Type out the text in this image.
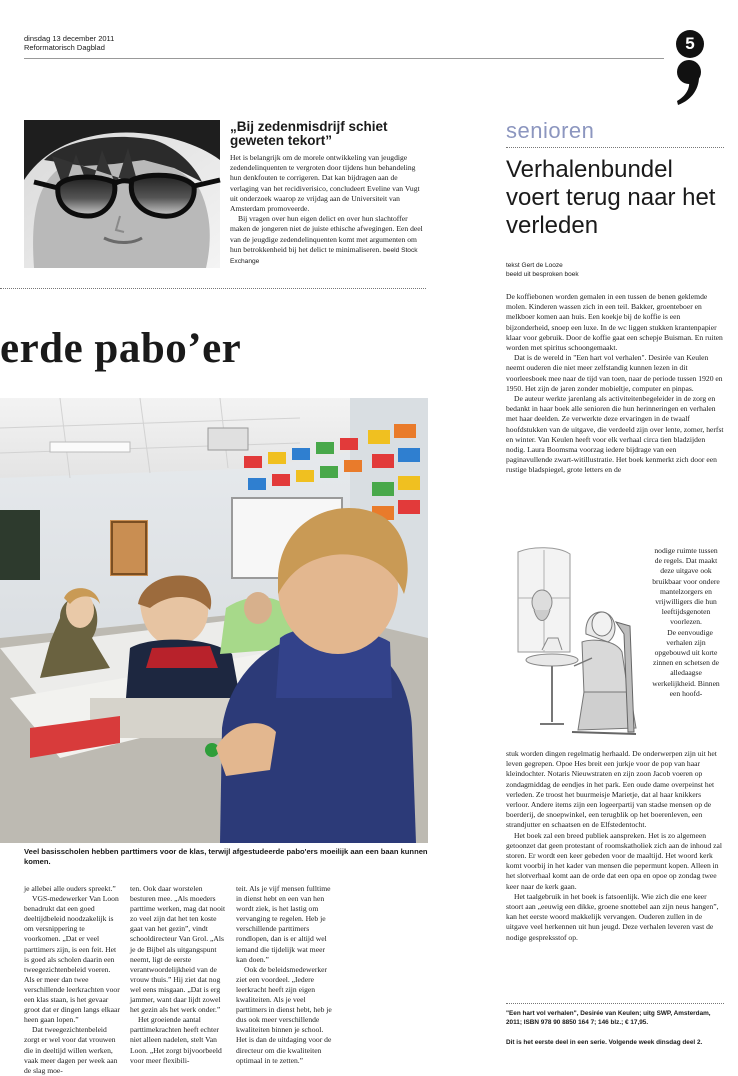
dinsdag 13 december 2011
Reformatorisch Dagblad	5
„Bij zedenmisdrijf schiet geweten tekort”

Het is belangrijk om de morele ontwikkeling van jeugdige zedendelinquenten te vergroten door tijdens hun behandeling hun denkfouten te corrigeren. Dat kan bijdragen aan de verlaging van het recidiverisico, concludeert Eveline van Vugt uit onderzoek waarop ze vrijdag aan de Universiteit van Amsterdam promoveerde.

Bij vragen over hun eigen delict en over hun slachtoffer maken de jongeren niet de juiste ethische afwegingen. Een deel van de jeugdige zedendelinquenten komt met argumenten om hun betrokkenheid bij het delict te minimaliseren. beeld Stock Exchange

erde pabo’er
Veel basisscholen hebben parttimers voor de klas, terwijl afgestudeerde pabo'ers moeilijk aan een baan kunnen komen.

je allebei alle ouders spreekt.”

VGS-medewerker Van Loon benadrukt dat een goed deeltijdbeleid noodzakelijk is om versnippering te voorkomen. „Dat er veel parttimers zijn, is een feit. Het is goed als scholen daarin een tweegezichtenbeleid voeren. Als er meer dan twee verschillende leerkrachten voor een klas staan, is het gevaar groot dat er dingen langs elkaar heen gaan lopen.”

Dat tweegezichtenbeleid zorgt er wel voor dat vrouwen die in deeltijd willen werken, vaak meer dagen per week aan de slag moe-

ten. Ook daar worstelen besturen mee. „Als moeders parttime werken, mag dat nooit zo veel zijn dat het ten koste gaat van het gezin”, vindt schooldirecteur Van Grol. „Als je de Bijbel als uitgangspunt neemt, ligt de eerste verantwoordelijkheid van de vrouw thuis.” Hij ziet dat nog wel eens misgaan. „Dat is erg jammer, want daar lijdt zowel het gezin als het werk onder.”

Het groeiende aantal parttimekrachten heeft echter niet alleen nadelen, stelt Van Loon. „Het zorgt bijvoorbeeld voor meer flexibili-

teit. Als je vijf mensen fulltime in dienst hebt en een van hen wordt ziek, is het lastig om vervanging te regelen. Heb je verschillende parttimers rondlopen, dan is er altijd wel iemand die tijdelijk wat meer kan doen.”

Ook de beleidsmedewerker ziet een voordeel. „Iedere leerkracht heeft zijn eigen kwaliteiten. Als je veel parttimers in dienst hebt, heb je dus ook meer verschillende kwaliteiten binnen je school. Het is dan de uitdaging voor de directeur om die kwaliteiten optimaal in te zetten.”

senioren
Verhalenbundel voert terug naar het verleden
tekst Gert de Looze
beeld uit besproken boek

De koffiebonen worden gemalen in een tussen de benen geklemde molen. Kinderen wassen zich in een teil. Bakker, groenteboer en melkboer komen aan huis. Een koekje bij de koffie is een bijzonderheid, snoep een luxe. In de wc liggen stukken krantenpapier klaar voor gebruik. Door de koffie gaat een schepje Buisman. En ruiten worden met spiritus schoongemaakt.

Dat is de wereld in "Een hart vol verhalen". Desirée van Keulen neemt ouderen die niet meer zelfstandig kunnen lezen in dit voorleesboek mee naar de tijd van toen, naar de periode tussen 1920 en 1950. Het zijn de jaren zonder mobieltje, computer en pinpas.

De auteur werkte jarenlang als activiteitenbegeleider in de zorg en bedankt in haar boek alle senioren die hun herinneringen en verhalen met haar deelden. Ze verwerkte deze ervaringen in de twaalf hoofdstukken van de uitgave, die verdeeld zijn over lente, zomer, herfst en winter. Van Keulen heeft voor elk verhaal circa tien bladzijden nodig. Laura Boomsma voorzag iedere bijdrage van een paginavullende zwart-witillustratie. Het boek kenmerkt zich door een rustige bladspiegel, grote letters en de

nodige ruimte tussen de regels. Dat maakt deze uitgave ook bruikbaar voor ondere mantelzorgers en vrijwilligers die hun leeftijdsgenoten voorlezen.

De eenvoudige verhalen zijn opgebouwd uit korte zinnen en schetsen de alledaagse werkelijkheid. Binnen een hoofd-

stuk worden dingen regelmatig herhaald. De onderwerpen zijn uit het leven gegrepen. Opoe Hes breit een jurkje voor de pop van haar kleindochter. Notaris Nieuwstraten en zijn zoon Jacob voeren op zondagmiddag de eendjes in het park. Een oude dame overpeinst het verleden. Ze troost het buurmeisje Marietje, dat al haar knikkers verloor. Andere items zijn een logeerpartij van stadse mensen op de boerderij, de snoepwinkel, een terugblik op het boerenleven, een strandjutter en schaatsen en de Elfstedentocht.

Het boek zal een breed publiek aanspreken. Het is zo algemeen getoonzet dat geen protestant of roomskatholiek zich aan de inhoud zal storen. Er wordt een keer gebeden voor de maaltijd. Het woord kerk komt voorbij in het kader van mensen die pepermunt kopen. Alleen in het slotverhaal komt aan de orde dat een opa en opoe op zondag twee keer naar de kerk gaan.

Het taalgebruik in het boek is fatsoenlijk. Wie zich die ene keer stoort aan „eeuwig een dikke, groene snottebel aan zijn neus hangen”, kan het eerste woord makkelijk vervangen. Ouderen zullen in de uitgave veel herkennen uit hun jeugd. Deze verhalen leveren vast de nodige gespreksstof op.

"Een hart vol verhalen", Desirée van Keulen; uitg SWP, Amsterdam, 2011; ISBN 978 90 8850 164 7; 146 blz.; € 17,95.
Dit is het eerste deel in een serie. Volgende week dinsdag deel 2.
